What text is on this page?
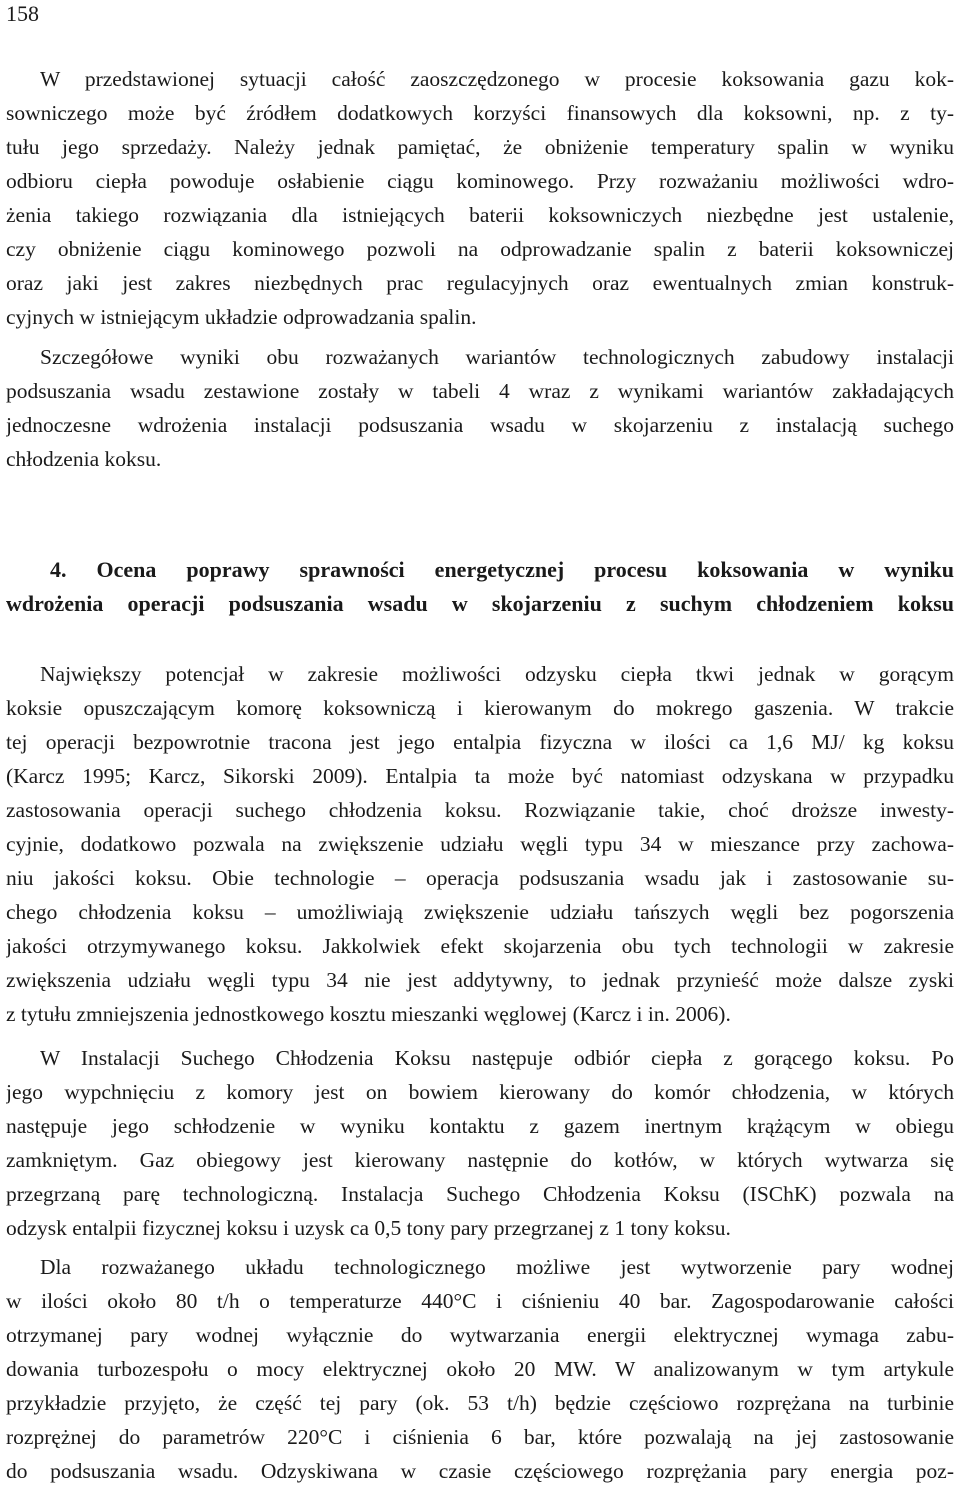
158
W przedstawionej sytuacji całość zaoszczędzonego w procesie koksowania gazu kok-
sowniczego może być źródłem dodatkowych korzyści finansowych dla koksowni, np. z ty-
tułu jego sprzedaży. Należy jednak pamiętać, że obniżenie temperatury spalin w wyniku
odbioru ciepła powoduje osłabienie ciągu kominowego. Przy rozważaniu możliwości wdro-
żenia takiego rozwiązania dla istniejących baterii koksowniczych niezbędne jest ustalenie,
czy obniżenie ciągu kominowego pozwoli na odprowadzanie spalin z baterii koksowniczej
oraz jaki jest zakres niezbędnych prac regulacyjnych oraz ewentualnych zmian konstruk-
cyjnych w istniejącym układzie odprowadzania spalin.
Szczegółowe wyniki obu rozważanych wariantów technologicznych zabudowy instalacji
podsuszania wsadu zestawione zostały w tabeli 4 wraz z wynikami wariantów zakładających
jednoczesne wdrożenia instalacji podsuszania wsadu w skojarzeniu z instalacją suchego
chłodzenia koksu.
4. Ocena poprawy sprawności energetycznej procesu koksowania w wyniku
wdrożenia operacji podsuszania wsadu w skojarzeniu z suchym chłodzeniem koksu
Największy potencjał w zakresie możliwości odzysku ciepła tkwi jednak w gorącym
koksie opuszczającym komorę koksowniczą i kierowanym do mokrego gaszenia. W trakcie
tej operacji bezpowrotnie tracona jest jego entalpia fizyczna w ilości ca 1,6 MJ/ kg koksu
(Karcz 1995; Karcz, Sikorski 2009). Entalpia ta może być natomiast odzyskana w przypadku
zastosowania operacji suchego chłodzenia koksu. Rozwiązanie takie, choć droższe inwesty-
cyjnie, dodatkowo pozwala na zwiększenie udziału węgli typu 34 w mieszance przy zachowa-
niu jakości koksu. Obie technologie – operacja podsuszania wsadu jak i zastosowanie su-
chego chłodzenia koksu – umożliwiają zwiększenie udziału tańszych węgli bez pogorszenia
jakości otrzymywanego koksu. Jakkolwiek efekt skojarzenia obu tych technologii w zakresie
zwiększenia udziału węgli typu 34 nie jest addytywny, to jednak przynieść może dalsze zyski
z tytułu zmniejszenia jednostkowego kosztu mieszanki węglowej (Karcz i in. 2006).
W Instalacji Suchego Chłodzenia Koksu następuje odbiór ciepła z gorącego koksu. Po
jego wypchnięciu z komory jest on bowiem kierowany do komór chłodzenia, w których
następuje jego schłodzenie w wyniku kontaktu z gazem inertnym krążącym w obiegu
zamkniętym. Gaz obiegowy jest kierowany następnie do kotłów, w których wytwarza się
przegrzaną parę technologiczną. Instalacja Suchego Chłodzenia Koksu (ISChK) pozwala na
odzysk entalpii fizycznej koksu i uzysk ca 0,5 tony pary przegrzanej z 1 tony koksu.
Dla rozważanego układu technologicznego możliwe jest wytworzenie pary wodnej
w ilości około 80 t/h o temperaturze 440°C i ciśnieniu 40 bar. Zagospodarowanie całości
otrzymanej pary wodnej wyłącznie do wytwarzania energii elektrycznej wymaga zabu-
dowania turbozespołu o mocy elektrycznej około 20 MW. W analizowanym w tym artykule
przykładzie przyjęto, że część tej pary (ok. 53 t/h) będzie częściowo rozprężana na turbinie
rozprężnej do parametrów 220°C i ciśnienia 6 bar, które pozwalają na jej zastosowanie
do podsuszania wsadu. Odzyskiwana w czasie częściowego rozprężania pary energia poz-
